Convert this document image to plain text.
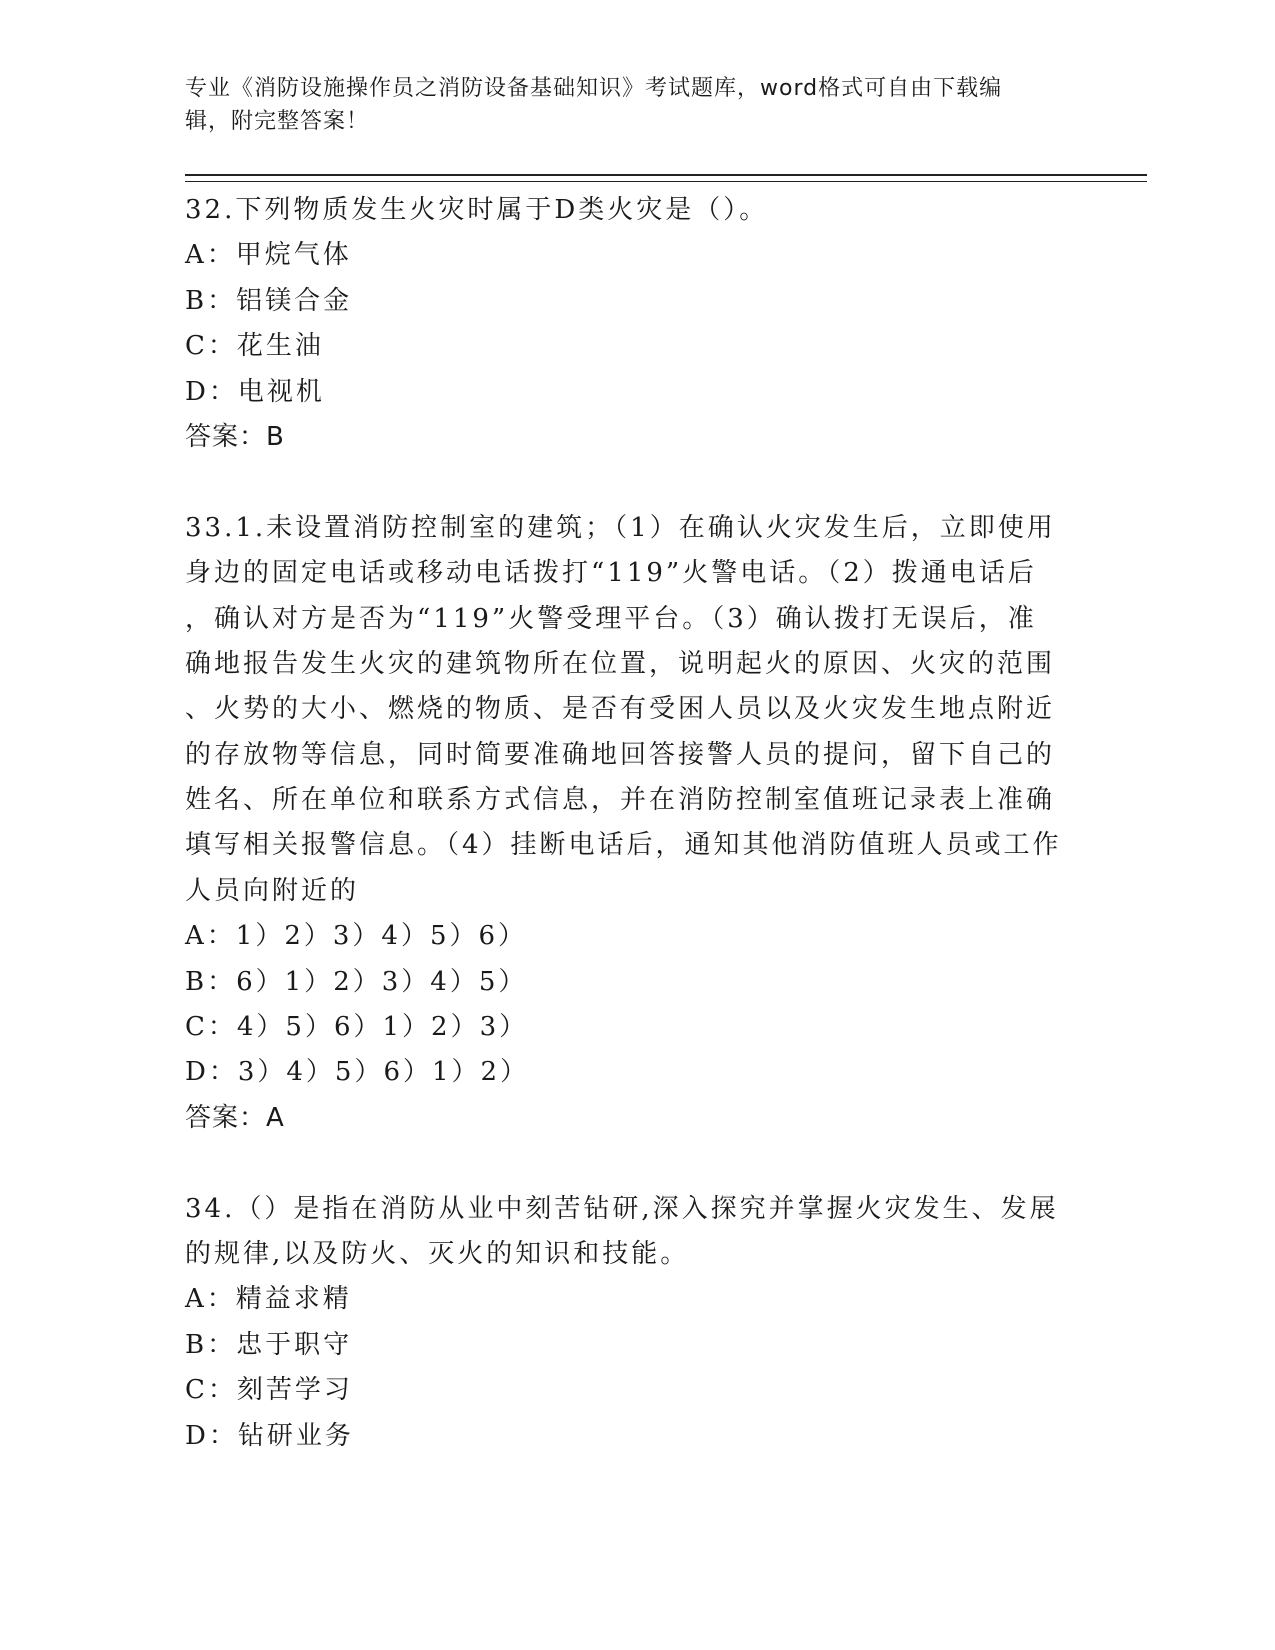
专业《消防设施操作员之消防设备基础知识》考试题库，word格式可自由下载编
辑，附完整答案！
32.下列物质发生火灾时属于D类火灾是（）。
A：甲烷气体
B：铝镁合金
C：花生油
D：电视机
答案：B
33.1.未设置消防控制室的建筑；（1）在确认火灾发生后，立即使用
身边的固定电话或移动电话拨打“119”火警电话。（2）拨通电话后
，确认对方是否为“119”火警受理平台。（3）确认拨打无误后，准
确地报告发生火灾的建筑物所在位置，说明起火的原因、火灾的范围
、火势的大小、燃烧的物质、是否有受困人员以及火灾发生地点附近
的存放物等信息，同时简要准确地回答接警人员的提问，留下自己的
姓名、所在单位和联系方式信息，并在消防控制室值班记录表上准确
填写相关报警信息。（4）挂断电话后，通知其他消防值班人员或工作
人员向附近的
A：1）2）3）4）5）6）
B：6）1）2）3）4）5）
C：4）5）6）1）2）3）
D：3）4）5）6）1）2）
答案：A
34.（）是指在消防从业中刻苦钻研,深入探究并掌握火灾发生、发展
的规律,以及防火、灭火的知识和技能。
A：精益求精
B：忠于职守
C：刻苦学习
D：钻研业务
